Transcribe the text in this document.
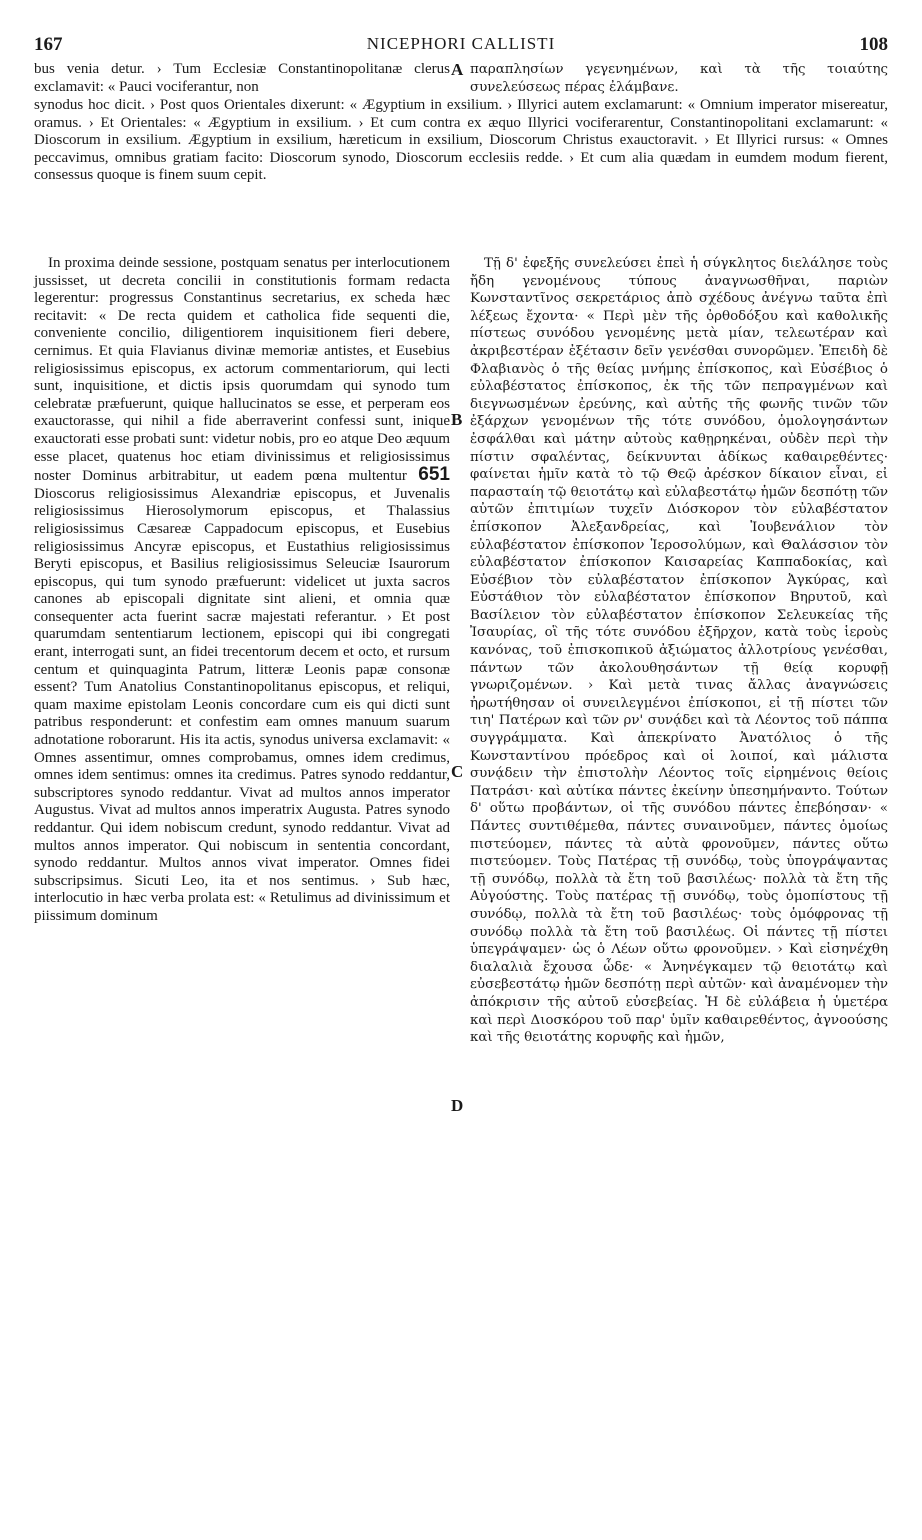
167	NICEPHORI CALLISTI	108
bus venia detur. › Tum Ecclesiæ Constantinopolitanæ clerus exclamavit: « Pauci vociferantur, non
A παραπλησίων γεγενημένων, καὶ τὰ τῆς τοιαύτης συνελεύσεως πέρας ἐλάμβανε.
synodus hoc dicit. › Post quos Orientales dixerunt: « Ægyptium in exsilium. › Illyrici autem exclamarunt: « Omnium imperator misereatur, oramus. › Et Orientales: « Ægyptium in exsilium. › Et cum contra ex æquo Illyrici vociferarentur, Constantinopolitani exclamarunt: « Dioscorum in exsilium. Ægyptium in exsilium, hæreticum in exsilium, Dioscorum Christus exauctoravit. › Et Illyrici rursus: « Omnes peccavimus, omnibus gratiam facito: Dioscorum synodo, Dioscorum ecclesiis redde. › Et cum alia quædam in eumdem modum fierent, consessus quoque is finem suum cepit.

In proxima deinde sessione, postquam senatus per interlocutionem jussisset, ut decreta concilii in constitutionis formam redacta legerentur: progressus Constantinus secretarius, ex scheda hæc recitavit: « De recta quidem et catholica fide sequenti die, conveniente concilio, diligentiorem inquisitionem fieri debere, cernimus. Et quia Flavianus divinæ memoriæ antistes, et Eusebius religiosissimus episcopus, ex actorum commentariorum, qui lecti sunt, inquisitione, et dictis ipsis quorumdam qui synodo tum celebratæ præfuerunt, quique hallucinatos se esse, et perperam eos exauctorasse, qui nihil a fide aberraverint confessi sunt, inique exauctorati esse probati sunt: videtur nobis, pro eo atque Deo æquum esse placet, quatenus hoc etiam divinissimus et religiosissimus noster Dominus arbitrabitur, ut eadem pœna multentur 651 Dioscorus religiosissimus Alexandriæ episcopus, et Juvenalis religiosissimus Hierosolymorum episcopus, et Thalassius religiosissimus Cæsareæ Cappadocum episcopus, et Eusebius religiosissimus Ancyræ episcopus, et Eustathius religiosissimus Beryti episcopus, et Basilius religiosissimus Seleuciæ Isaurorum episcopus, qui tum synodo præfuerunt: videlicet ut juxta sacros canones ab episcopali dignitate sint alieni, et omnia quæ consequenter acta fuerint sacræ majestati referantur. › Et post quarumdam sententiarum lectionem, episcopi qui ibi congregati erant, interrogati sunt, an fidei trecentorum decem et octo, et rursum centum et quinquaginta Patrum, litteræ Leonis papæ consonæ essent? Tum Anatolius Constantinopolitanus episcopus, et reliqui, quam maxime epistolam Leonis concordare cum eis qui dicti sunt patribus responderunt: et confestim eam omnes manuum suarum adnotatione roborarunt. His ita actis, synodus universa exclamavit: « Omnes assentimur, omnes comprobamus, omnes idem credimus, omnes idem sentimus: omnes ita credimus. Patres synodo reddantur, subscriptores synodo reddantur. Vivat ad multos annos imperator Augustus. Vivat ad multos annos imperatrix Augusta. Patres synodo reddantur. Qui idem nobiscum credunt, synodo reddantur. Vivat ad multos annos imperator. Qui nobiscum in sententia concordant, synodo reddantur. Multos annos vivat imperator. Omnes fidei subscripsimus. Sicuti Leo, ita et nos sentimus. › Sub hæc, interlocutio in hæc verba prolata est: « Retulimus ad divinissimum et piissimum dominum

B
C
D

Τῇ δ' ἐφεξῆς συνελεύσει ἐπεὶ ἡ σύγκλητος διελάλησε τοὺς ἤδη γενομένους τύπους ἀναγνωσθῆναι, παριὼν Κωνσταντῖνος σεκρετάριος ἀπὸ σχέδους ἀνέγνω ταῦτα ἐπὶ λέξεως ἔχοντα· « Περὶ μὲν τῆς ὀρθοδόξου καὶ καθολικῆς πίστεως συνόδου γενομένης μετὰ μίαν, τελεωτέραν καὶ ἀκριβεστέραν ἐξέτασιν δεῖν γενέσθαι συνορῶμεν. Ἐπειδὴ δὲ Φλαβιανὸς ὁ τῆς θείας μνήμης ἐπίσκοπος, καὶ Εὐσέβιος ὁ εὐλαβέστατος ἐπίσκοπος, ἐκ τῆς τῶν πεπραγμένων καὶ διεγνωσμένων ἐρεύνης, καὶ αὐτῆς τῆς φωνῆς τινῶν τῶν ἐξάρχων γενομένων τῆς τότε συνόδου, ὁμολογησάντων ἐσφάλθαι καὶ μάτην αὐτοὺς καθῃρηκέναι, οὐδὲν περὶ τὴν πίστιν σφαλέντας, δείκνυνται ἀδίκως καθαιρεθέντες· φαίνεται ἡμῖν κατὰ τὸ τῷ Θεῷ ἀρέσκον δίκαιον εἶναι, εἰ παρασταίη τῷ θειοτάτῳ καὶ εὐλαβεστάτῳ ἡμῶν δεσπότῃ τῶν αὐτῶν ἐπιτιμίων τυχεῖν Διόσκορον τὸν εὐλαβέστατον ἐπίσκοπον Ἀλεξανδρείας, καὶ Ἰουβενάλιον τὸν εὐλαβέστατον ἐπίσκοπον Ἱεροσολύμων, καὶ Θαλάσσιον τὸν εὐλαβέστατον ἐπίσκοπον Καισαρείας Καππαδοκίας, καὶ Εὐσέβιον τὸν εὐλαβέστατον ἐπίσκοπον Ἀγκύρας, καὶ Εὐστάθιον τὸν εὐλαβέστατον ἐπίσκοπον Βηρυτοῦ, καὶ Βασίλειον τὸν εὐλαβέστατον ἐπίσκοπον Σελευκείας τῆς Ἰσαυρίας, οἳ τῆς τότε συνόδου ἐξῆρχον, κατὰ τοὺς ἱεροὺς κανόνας, τοῦ ἐπισκοπικοῦ ἀξιώματος ἀλλοτρίους γενέσθαι, πάντων τῶν ἀκολουθησάντων τῇ θείᾳ κορυφῇ γνωριζομένων. › Καὶ μετὰ τινας ἄλλας ἀναγνώσεις ἠρωτήθησαν οἱ συνειλεγμένοι ἐπίσκοποι, εἰ τῇ πίστει τῶν τιη' Πατέρων καὶ τῶν ρν' συνᾴδει καὶ τὰ Λέοντος τοῦ πάππα συγγράμματα. Καὶ ἀπεκρίνατο Ἀνατόλιος ὁ τῆς Κωνσταντίνου πρόεδρος καὶ οἱ λοιποί, καὶ μάλιστα συνᾴδειν τὴν ἐπιστολὴν Λέοντος τοῖς εἰρημένοις θείοις Πατράσι· καὶ αὐτίκα πάντες ἐκείνην ὑπεσημήναντο. Τούτων δ' οὕτω προβάντων, οἱ τῆς συνόδου πάντες ἐπεβόησαν· « Πάντες συντιθέμεθα, πάντες συναινοῦμεν, πάντες ὁμοίως πιστεύομεν, πάντες τὰ αὐτὰ φρονοῦμεν, πάντες οὕτω πιστεύομεν. Τοὺς Πατέρας τῇ συνόδῳ, τοὺς ὑπογράψαντας τῇ συνόδῳ, πολλὰ τὰ ἔτη τοῦ βασιλέως· πολλὰ τὰ ἔτη τῆς Αὐγούστης. Τοὺς πατέρας τῇ συνόδῳ, τοὺς ὁμοπίστους τῇ συνόδῳ, πολλὰ τὰ ἔτη τοῦ βασιλέως· τοὺς ὁμόφρονας τῇ συνόδῳ πολλὰ τὰ ἔτη τοῦ βασιλέως. Οἱ πάντες τῇ πίστει ὑπεγράψαμεν· ὡς ὁ Λέων οὕτω φρονοῦμεν. › Καὶ εἰσηνέχθη διαλαλιὰ ἔχουσα ὧδε· « Ἀνηνέγκαμεν τῷ θειοτάτῳ καὶ εὐσεβεστάτῳ ἡμῶν δεσπότῃ περὶ αὐτῶν· καὶ ἀναμένομεν τὴν ἀπόκρισιν τῆς αὐτοῦ εὐσεβείας. Ἡ δὲ εὐλάβεια ἡ ὑμετέρα καὶ περὶ Διοσκόρου τοῦ παρ' ὑμῖν καθαιρεθέντος, ἀγνοούσης καὶ τῆς θειοτάτης κορυφῆς καὶ ἡμῶν,
